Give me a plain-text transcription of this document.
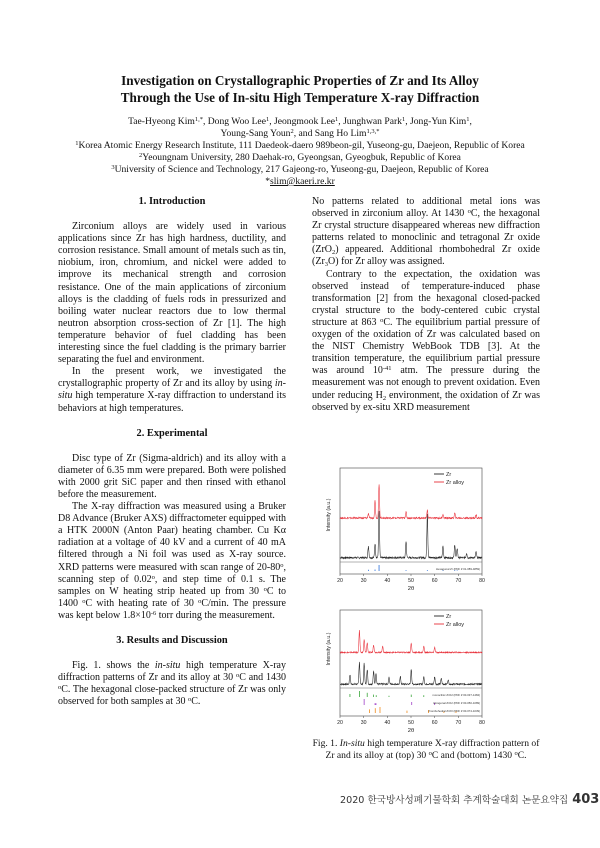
Investigation on Crystallographic Properties of Zr and Its Alloy
Through the Use of In-situ High Temperature X-ray Diffraction
Tae-Hyeong Kim$^{1,*}$, Dong Woo Lee$^1$, Jeongmook Lee$^1$, Junghwan Park$^1$, Jong-Yun Kim$^1$,
Young-Sang Youn$^2$, and Sang Ho Lim$^{1,3,*}$
$^1$Korea Atomic Energy Research Institute, 111 Daedeok-daero 989beon-gil, Yuseong-gu, Daejeon, Republic of Korea
$^2$Yeoungnam University, 280 Daehak-ro, Gyeongsan, Gyeogbuk, Republic of Korea
$^3$University of Science and Technology, 217 Gajeong-ro, Yuseong-gu, Daejeon, Republic of Korea
*slim@kaeri.re.kr
1. Introduction

Zirconium alloys are widely used in various applications since Zr has high hardness, ductility, and corrosion resistance. Small amount of metals such as tin, niobium, iron, chromium, and nickel were added to improve its mechanical strength and corrosion resistance. One of the main applications of zirconium alloys is the cladding of fuels rods in pressurized and boiling water nuclear reactors due to low thermal neutron absorption cross-section of Zr [1]. The high temperature behavior of fuel cladding has been interesting since the fuel cladding is the primary barrier separating the fuel and environment.

In the present work, we investigated the crystallographic property of Zr and its alloy by using in-situ high temperature X-ray diffraction to understand its behaviors at high temperatures.

2. Experimental

Disc type of Zr (Sigma-aldrich) and its alloy with a diameter of 6.35 mm were prepared. Both were polished with 2000 grit SiC paper and then rinsed with ethanol before the measurement.

The X-ray diffraction was measured using a Bruker D8 Advance (Bruker AXS) diffractometer equipped with a HTK 2000N (Anton Paar) heating chamber. Cu Kα radiation at a voltage of 40 kV and a current of 40 mA filtered through a Ni foil was used as X-ray source. XRD patterns were measured with scan range of 20-80$^o$, scanning step of 0.02$^o$, and step time of 0.1 s. The samples on W heating strip heated up from 30 $^o$C to 1400 $^o$C with heating rate of 30 $^o$C/min. The pressure was kept below $1.8\times 10^{-6}$ torr during the measurement.

3. Results and Discussion

Fig. 1. shows the in-situ high temperature X-ray diffraction patterns of Zr and its alloy at 30 $^o$C and 1430 $^o$C. The hexagonal close-packed structure of Zr was only observed for both samples at 30 $^o$C.

No patterns related to additional metal ions was observed in zirconium alloy. At 1430 $^o$C, the hexagonal Zr crystal structure disappeared whereas new diffraction patterns related to monoclinic and tetragonal Zr oxide (ZrO$_2$) appeared. Additional rhombohedral Zr oxide $(Zr_3O)$ for Zr alloy was assigned.

Contrary to the expectation, the oxidation was observed instead of temperature-induced phase transformation [2] from the hexagonal closed-packed crystal structure to the body-centered cubic crystal structure at 863 $^o$C. The equilibrium partial pressure of oxygen of the oxidation of Zr was calculated based on the NIST Chemistry WebBook TDB [3]. At the transition temperature, the equilibrium partial pressure was around $10^{-41}$ atm. The pressure during the measurement was not enough to prevent oxidation. Even under reducing $H_2$ environment, the oxidation of Zr was observed by ex-situ XRD measurement

Zr
Zr alloy
Hexagonal Zr (PDF # 01-089-4859)
20	30	40	50	60	70	80
2θ
Intensity (a.u.)
Zr
Zr alloy
monoclinic ZrO2 (PDF # 00-037-1484)
tetragonal ZrO2 (PDF # 00-050-1089)
rhombohedral Zr3O (PDF # 00-074-1039)
20	30	40	50	60	70	80
2θ
Intensity (a.u.)
Fig. 1. In-situ high temperature X-ray diffraction pattern of Zr and its alloy at (top) 30 $^o$C and (bottom) 1430 $^o$C.
2020 한국방사성폐기물학회 추계학술대회 논문요약집 403
